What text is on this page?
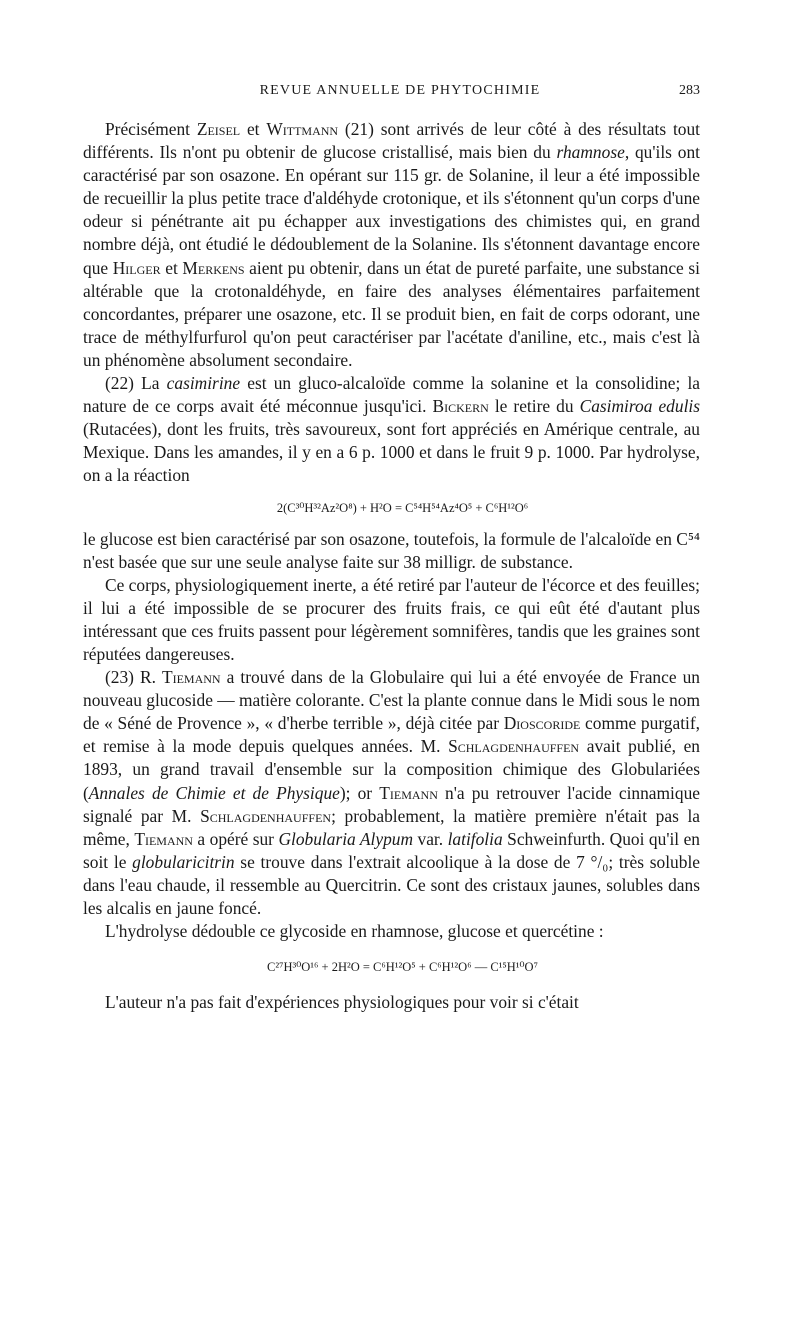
REVUE ANNUELLE DE PHYTOCHIMIE	283

Précisément Zeisel et Wittmann (21) sont arrivés de leur côté à des résultats tout différents. Ils n'ont pu obtenir de glucose cristallisé, mais bien du rhamnose, qu'ils ont caractérisé par son osazone. En opérant sur 115 gr. de Solanine, il leur a été impossible de recueillir la plus petite trace d'aldéhyde crotonique, et ils s'étonnent qu'un corps d'une odeur si pénétrante ait pu échapper aux investigations des chimistes qui, en grand nombre déjà, ont étudié le dédoublement de la Solanine. Ils s'étonnent davantage encore que Hilger et Merkens aient pu obtenir, dans un état de pureté parfaite, une substance si altérable que la crotonaldéhyde, en faire des analyses élémentaires parfaitement concordantes, préparer une osazone, etc. Il se produit bien, en fait de corps odorant, une trace de méthylfurfurol qu'on peut caractériser par l'acétate d'aniline, etc., mais c'est là un phénomène absolument secondaire.

(22) La casimirine est un gluco-alcaloïde comme la solanine et la consolidine; la nature de ce corps avait été méconnue jusqu'ici. Bickern le retire du Casimiroa edulis (Rutacées), dont les fruits, très savoureux, sont fort appréciés en Amérique centrale, au Mexique. Dans les amandes, il y en a 6 p. 1000 et dans le fruit 9 p. 1000. Par hydrolyse, on a la réaction

2(C³⁰H³²Az²O⁸) + H²O = C⁵⁴H⁵⁴Az⁴O⁵ + C⁶H¹²O⁶

le glucose est bien caractérisé par son osazone, toutefois, la formule de l'alcaloïde en C⁵⁴ n'est basée que sur une seule analyse faite sur 38 milligr. de substance.

Ce corps, physiologiquement inerte, a été retiré par l'auteur de l'écorce et des feuilles; il lui a été impossible de se procurer des fruits frais, ce qui eût été d'autant plus intéressant que ces fruits passent pour légèrement somnifères, tandis que les graines sont réputées dangereuses.

(23) R. Tiemann a trouvé dans de la Globulaire qui lui a été envoyée de France un nouveau glucoside — matière colorante. C'est la plante connue dans le Midi sous le nom de « Séné de Provence », « d'herbe terrible », déjà citée par Dioscoride comme purgatif, et remise à la mode depuis quelques années. M. Schlagdenhauffen avait publié, en 1893, un grand travail d'ensemble sur la composition chimique des Globulariées (Annales de Chimie et de Physique); or Tiemann n'a pu retrouver l'acide cinnamique signalé par M. Schlagdenhauffen; probablement, la matière première n'était pas la même, Tiemann a opéré sur Globularia Alypum var. latifolia Schweinfurth. Quoi qu'il en soit le globularicitrin se trouve dans l'extrait alcoolique à la dose de 7 °/₀; très soluble dans l'eau chaude, il ressemble au Quercitrin. Ce sont des cristaux jaunes, solubles dans les alcalis en jaune foncé.

L'hydrolyse dédouble ce glycoside en rhamnose, glucose et quercétine :

C²⁷H³⁰O¹⁶ + 2H²O = C⁶H¹²O⁵ + C⁶H¹²O⁶ — C¹⁵H¹⁰O⁷

L'auteur n'a pas fait d'expériences physiologiques pour voir si c'était
